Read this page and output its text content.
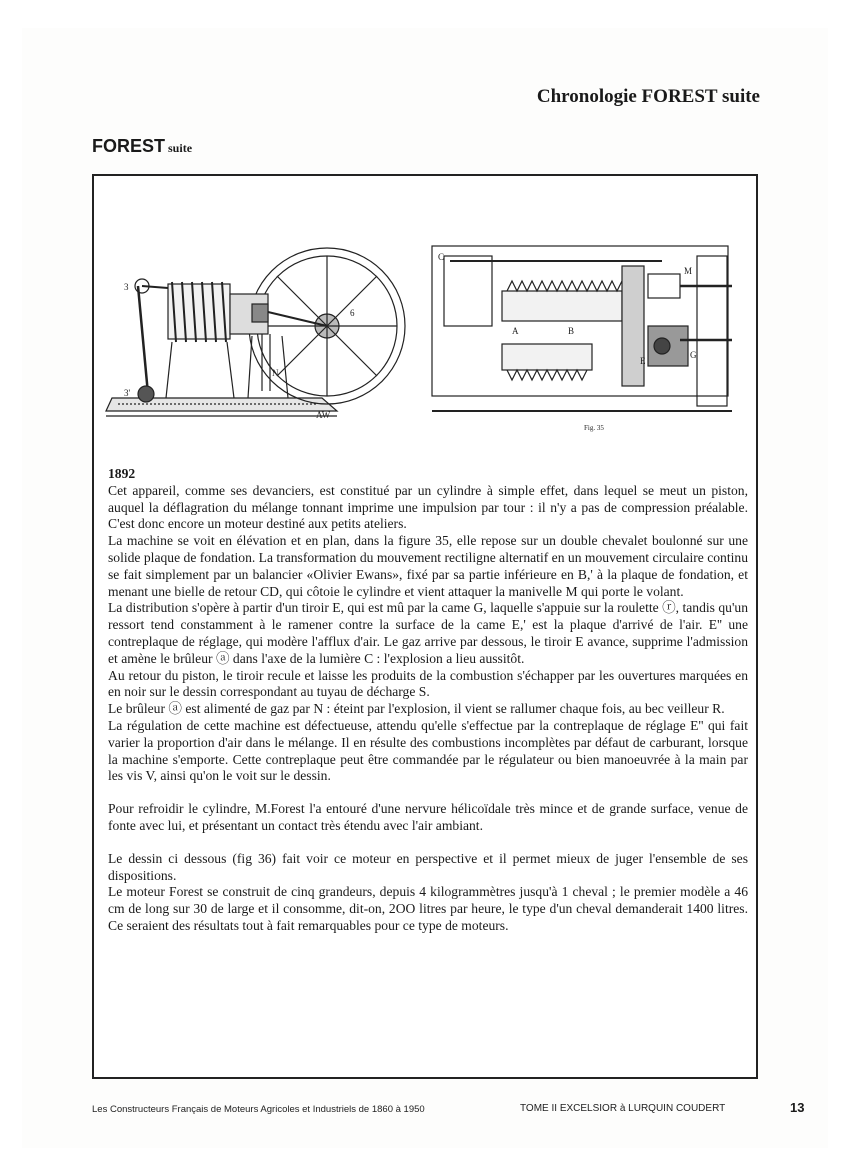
Chronologie FOREST suite
FOREST suite
3
3'
6
N
AW
C
A	B
M
G
E
Fig. 35

1892

Cet appareil, comme ses devanciers, est constitué par un cylindre à simple effet, dans lequel se meut un piston, auquel la déflagration du mélange tonnant imprime une impulsion par tour : il n'y a pas de compression préalable. C'est donc encore un moteur destiné aux petits ateliers.

La machine se voit en élévation et en plan, dans la figure 35, elle repose sur un double chevalet boulonné sur une solide plaque de fondation. La transformation du mouvement rectiligne alternatif en un mouvement circulaire continu se fait simplement par un balancier «Olivier Ewans», fixé par sa partie inférieure en B,' à la plaque de fondation, et menant une bielle de retour CD, qui côtoie le cylindre et vient attaquer la manivelle M qui porte le volant.

La distribution s'opère à partir d'un tiroir E, qui est mû par la came G, laquelle s'appuie sur la roulette ⓡ, tandis qu'un ressort tend constamment à le ramener contre la surface de la came E,' est la plaque d'arrivé de l'air. E'' une contreplaque de réglage, qui modère l'afflux d'air. Le gaz arrive par dessous, le tiroir E avance, supprime l'admission et amène le brûleur ⓐ dans l'axe de la lumière C : l'explosion a lieu aussitôt.

Au retour du piston, le tiroir recule et laisse les produits de la combustion s'échapper par les ouvertures marquées en en noir sur le dessin correspondant au tuyau de décharge S.

Le brûleur ⓐ est alimenté de gaz par N : éteint par l'explosion, il vient se rallumer chaque fois, au bec veilleur R.

La régulation de cette machine est défectueuse, attendu qu'elle s'effectue par la contreplaque de réglage E'' qui fait varier la proportion d'air dans le mélange. Il en résulte des combustions incomplètes par défaut de carburant, lorsque la machine s'emporte. Cette contreplaque peut être commandée par le régulateur ou bien manoeuvrée à la main par les vis V, ainsi qu'on le voit sur le dessin.

Pour refroidir le cylindre, M.Forest l'a entouré d'une nervure hélicoïdale très mince et de grande surface, venue de fonte avec lui, et présentant un contact très étendu avec l'air ambiant.

Le dessin ci dessous (fig 36) fait voir ce moteur en perspective et il permet mieux de juger l'ensemble de ses dispositions.

Le moteur Forest se construit de cinq grandeurs, depuis 4 kilogrammètres jusqu'à 1 cheval ; le premier modèle a 46 cm de long sur 30 de large et il consomme, dit-on, 2OO litres par heure, le type d'un cheval demanderait 1400 litres. Ce seraient des résultats tout à fait remarquables pour ce type de moteurs.

Les Constructeurs Français de Moteurs Agricoles et Industriels de 1860 à 1950	TOME II EXCELSIOR à LURQUIN COUDERT	13
